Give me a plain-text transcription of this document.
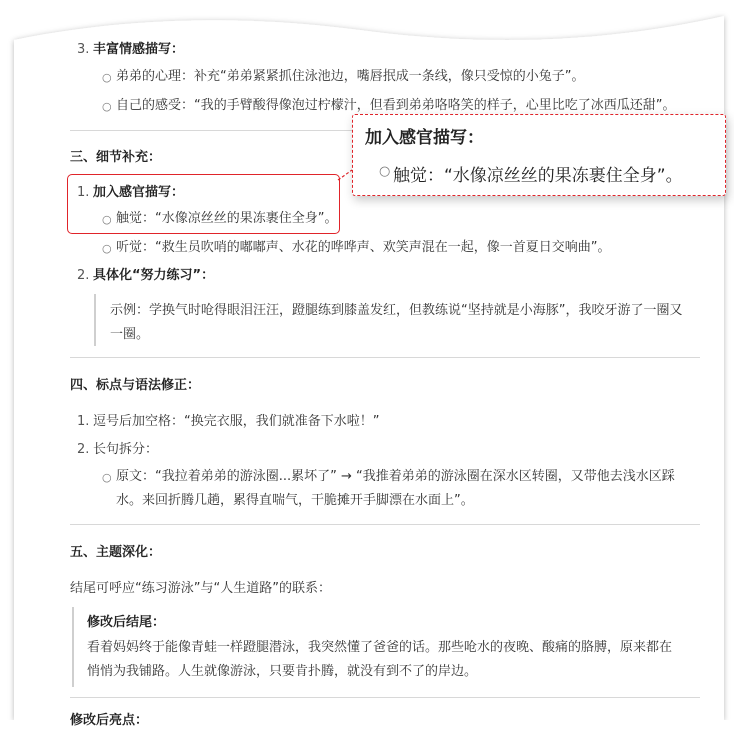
3. 丰富情感描写：
○ 弟弟的心理：补充“弟弟紧紧抓住泳池边，嘴唇抿成一条线，像只受惊的小兔子”。
○ 自己的感受：“我的手臂酸得像泡过柠檬汁，但看到弟弟咯咯笑的样子，心里比吃了冰西瓜还甜”。
三、细节补充：
1. 加入感官描写：
○ 触觉：“水像凉丝丝的果冻裹住全身”。
○ 听觉：“救生员吹哨的嘟嘟声、水花的哗哗声、欢笑声混在一起，像一首夏日交响曲”。
2. 具体化“努力练习”：
示例：学换气时呛得眼泪汪汪，蹬腿练到膝盖发红，但教练说“坚持就是小海豚”，我咬牙游了一圈又
一圈。
四、标点与语法修正：
1. 逗号后加空格：“换完衣服，我们就准备下水啦！”
2. 长句拆分：
○ 原文：“我拉着弟弟的游泳圈...累坏了” → “我推着弟弟的游泳圈在深水区转圈，又带他去浅水区踩
水。来回折腾几趟，累得直喘气，干脆摊开手脚漂在水面上”。
五、主题深化：
结尾可呼应“练习游泳”与“人生道路”的联系：
修改后结尾：
看着妈妈终于能像青蛙一样蹬腿潜泳，我突然懂了爸爸的话。那些呛水的夜晚、酸痛的胳膊，原来都在
悄悄为我铺路。人生就像游泳，只要肯扑腾，就没有到不了的岸边。
修改后亮点：
加入感官描写：
○ 触觉：“水像凉丝丝的果冻裹住全身”。
